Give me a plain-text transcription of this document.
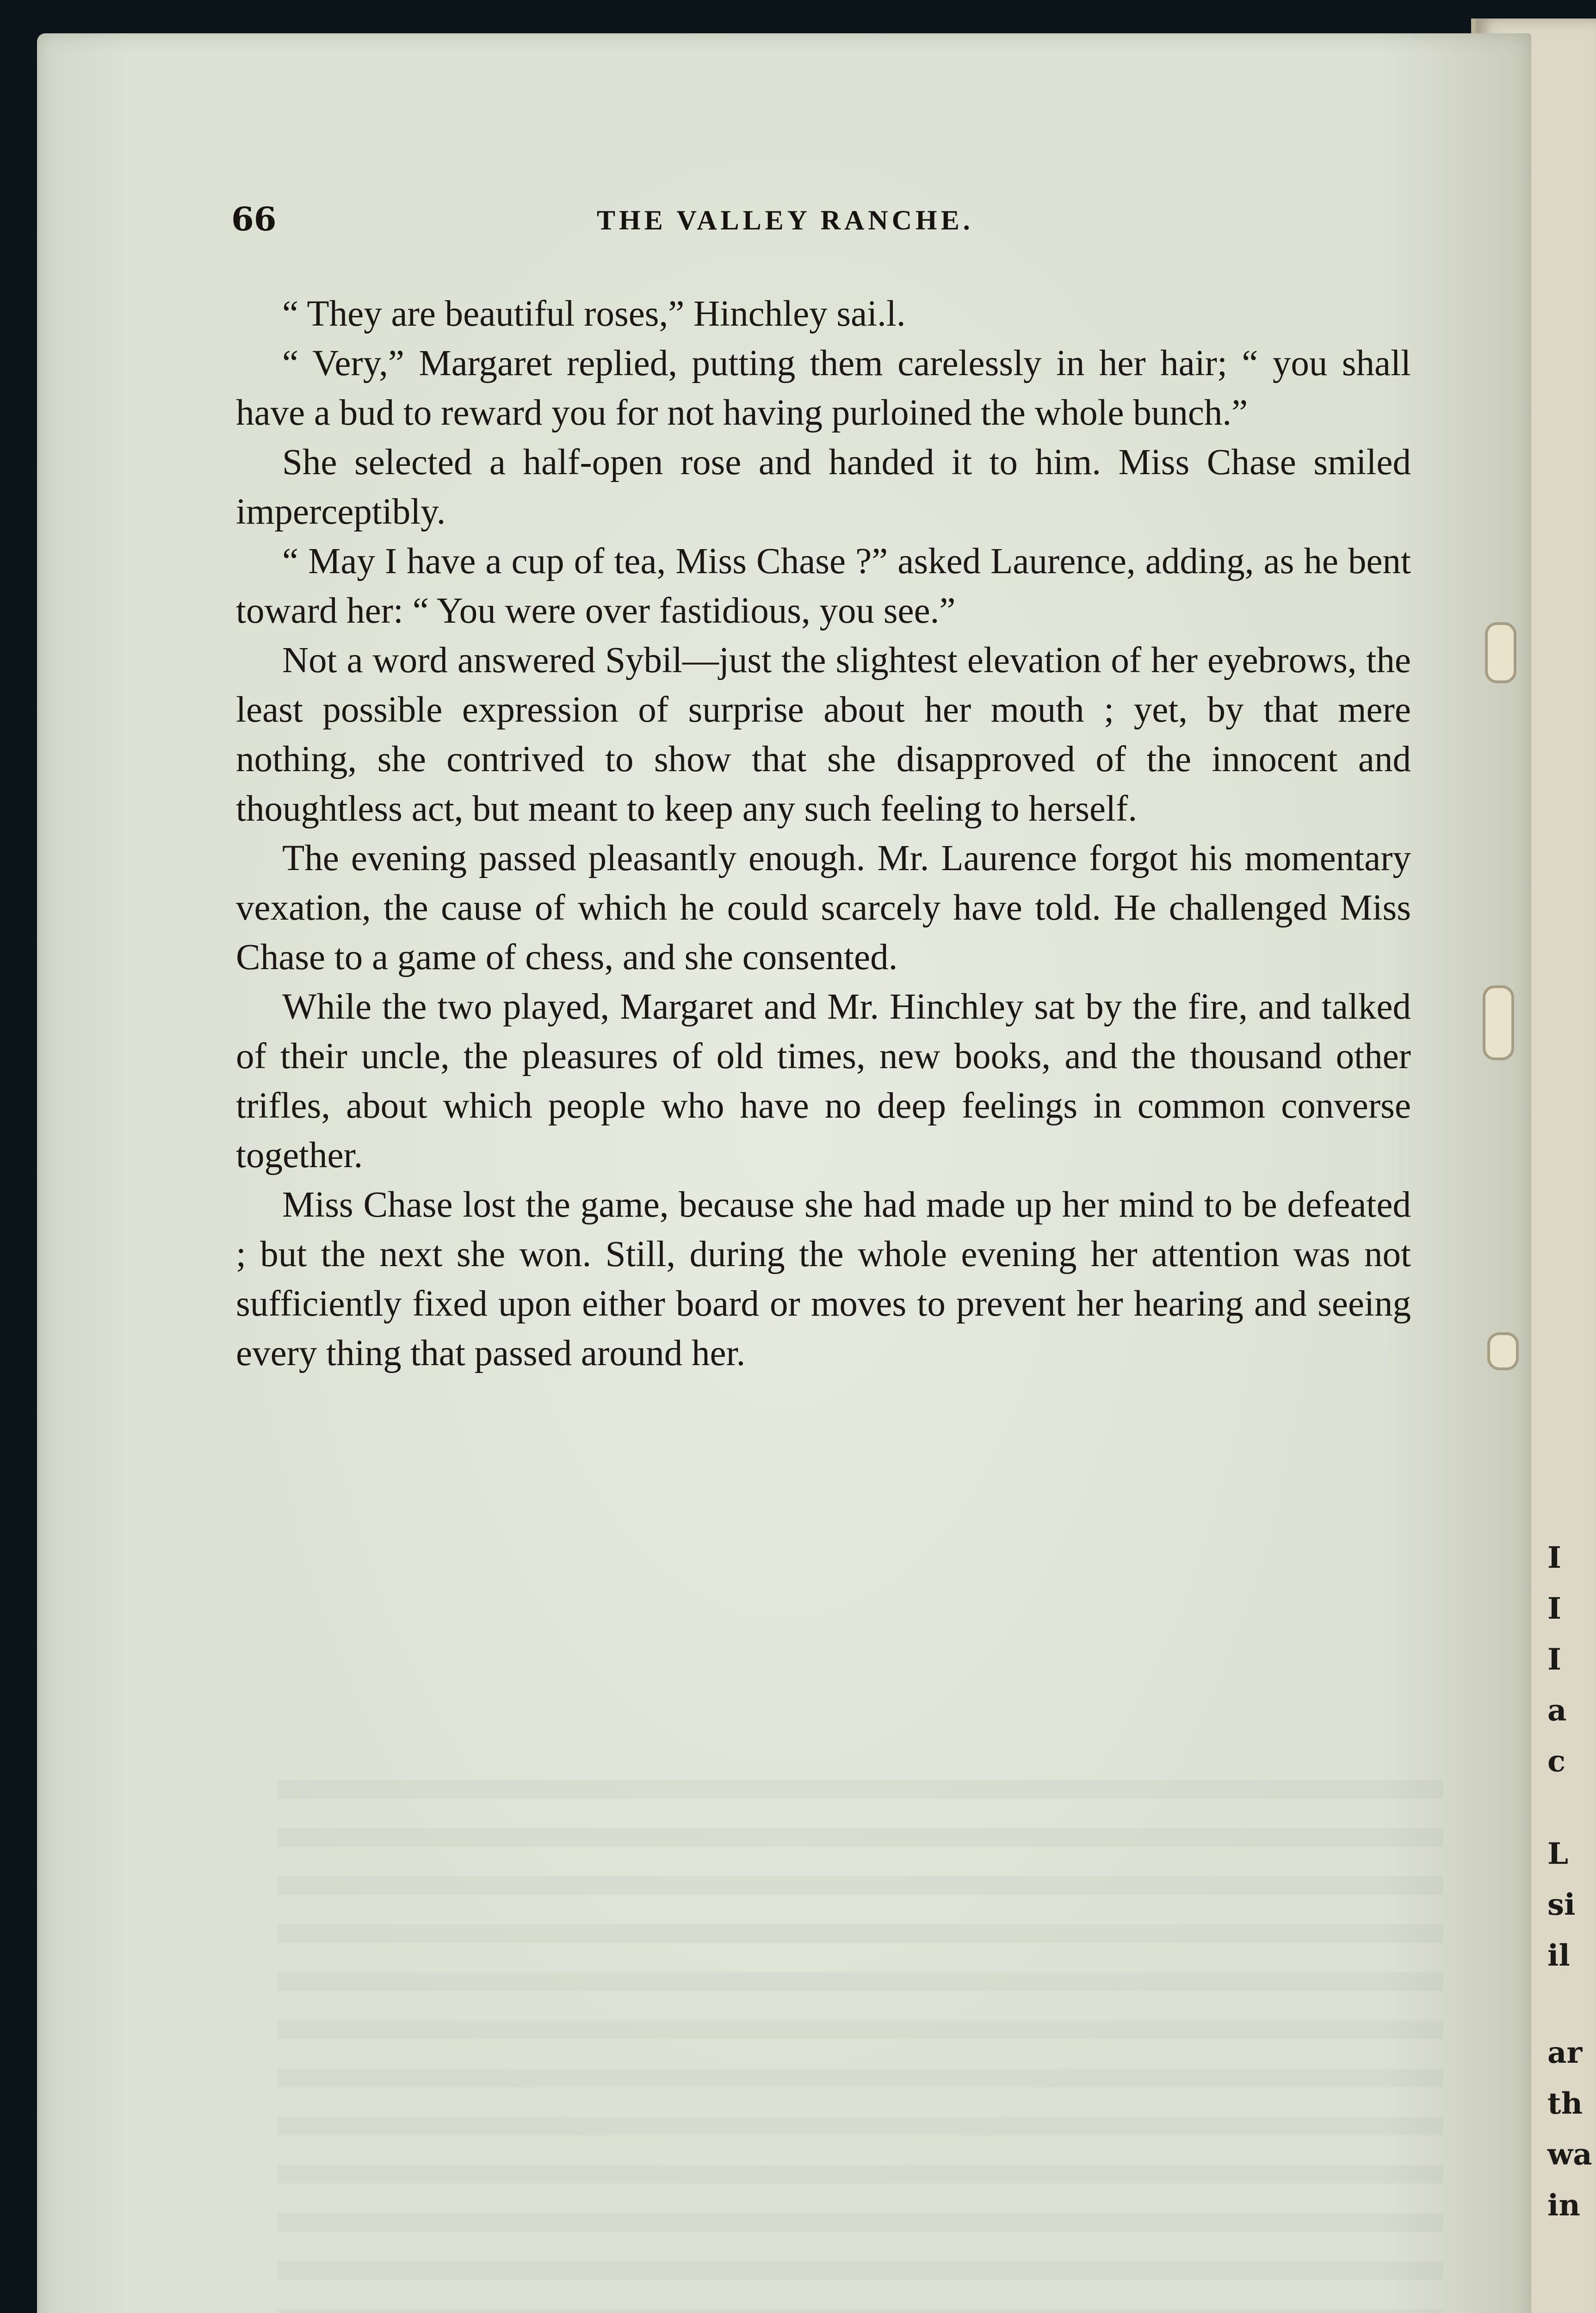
I
I
I
a
c
L
si
il
ar
th
wa
in
66	THE VALLEY RANCHE.

“ They are beautiful roses,” Hinchley sai.l.

“ Very,” Margaret replied, putting them carelessly in her hair; “ you shall have a bud to reward you for not having purloined the whole bunch.”

She selected a half-open rose and handed it to him. Miss Chase smiled imperceptibly.

“ May I have a cup of tea, Miss Chase ?” asked Laurence, adding, as he bent toward her: “ You were over fastidious, you see.”

Not a word answered Sybil—just the slightest elevation of her eyebrows, the least possible expression of surprise about her mouth ; yet, by that mere nothing, she contrived to show that she disapproved of the innocent and thoughtless act, but meant to keep any such feeling to herself.

The evening passed pleasantly enough. Mr. Laurence forgot his momentary vexation, the cause of which he could scarcely have told. He challenged Miss Chase to a game of chess, and she consented.

While the two played, Margaret and Mr. Hinchley sat by the fire, and talked of their uncle, the pleasures of old times, new books, and the thousand other trifles, about which people who have no deep feelings in common converse together.

Miss Chase lost the game, because she had made up her mind to be defeated ; but the next she won. Still, during the whole evening her attention was not sufficiently fixed upon either board or moves to prevent her hearing and seeing every thing that passed around her.
